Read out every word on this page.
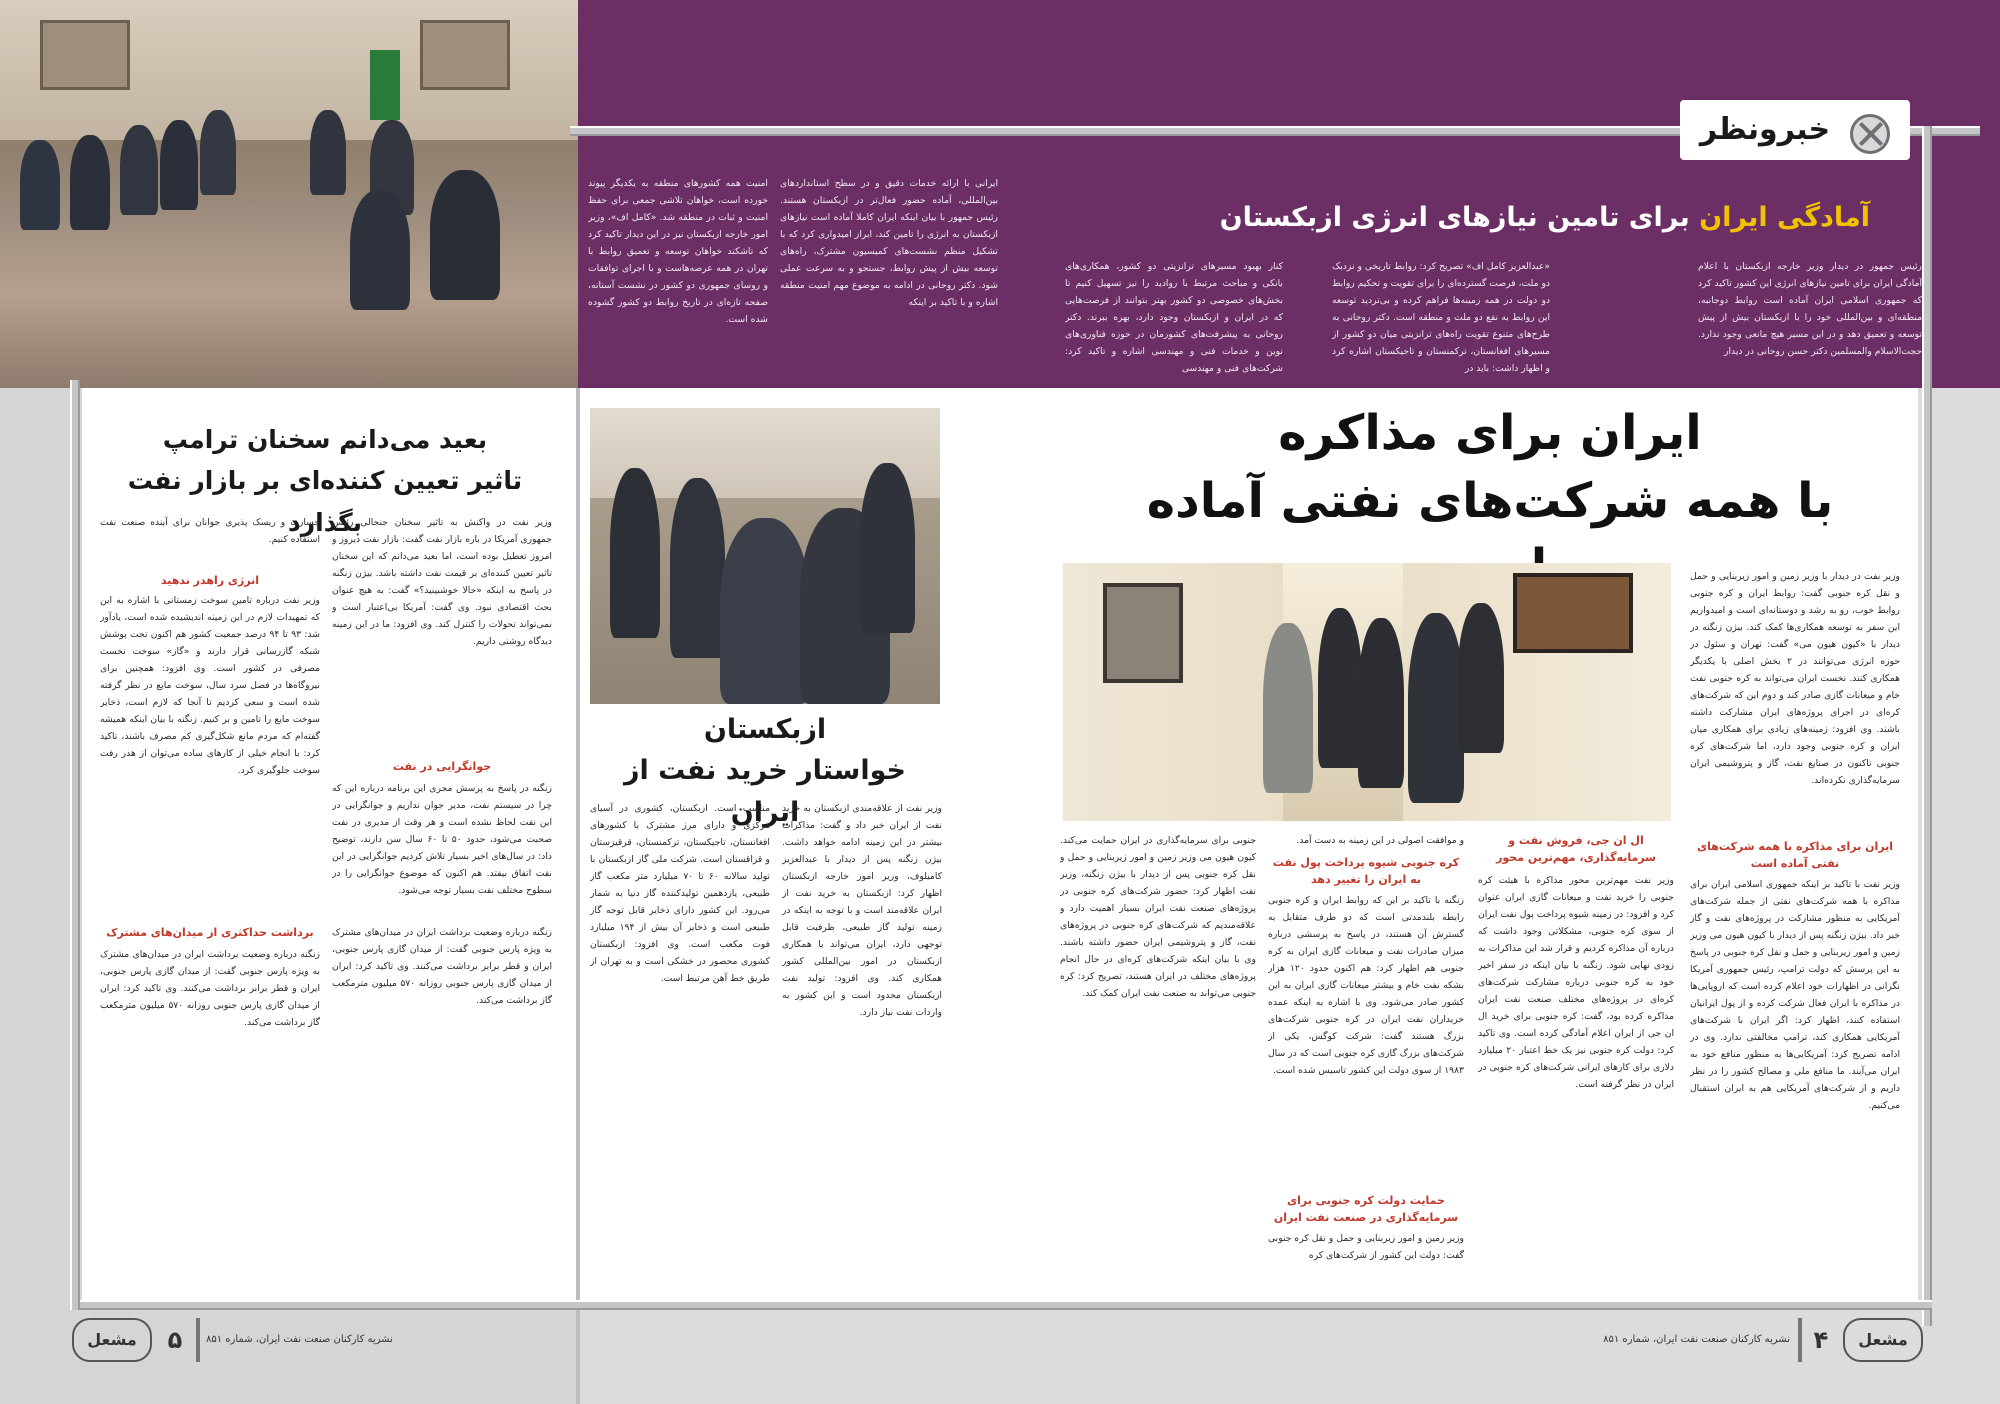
خبرونظر
آمادگی ایران برای تامین نیازهای انرژی ازبکستان
رئیس جمهور در دیدار وزیر خارجه ازبکستان با اعلام آمادگی ایران برای تامین نیازهای انرژی این کشور تاکید کرد که جمهوری اسلامی ایران آماده است روابط دوجانبه، منطقه‌ای و بین‌المللی خود را با ازبکستان بیش از پیش توسعه و تعمیق دهد و در این مسیر هیچ مانعی وجود ندارد. حجت‌الاسلام والمسلمین دکتر حسن روحانی در دیدار
«عبدالعزیز کامل اف» تصریح کرد: روابط تاریخی و نزدیک دو ملت، فرصت گسترده‌ای را برای تقویت و تحکیم روابط دو دولت در همه زمینه‌ها فراهم کرده و بی‌تردید توسعه این روابط به نفع دو ملت و منطقه است. دکتر روحانی به طرح‌های متنوع تقویت راه‌های ترانزیتی میان دو کشور از مسیرهای افغانستان، ترکمنستان و تاجیکستان اشاره کرد و اظهار داشت: باید در
کنار بهبود مسیرهای ترانزیتی دو کشور، همکاری‌های بانکی و مباحث مرتبط با روادید را نیز تسهیل کنیم تا بخش‌های خصوصی دو کشور بهتر بتوانند از فرصت‌هایی که در ایران و ازبکستان وجود دارد، بهره ببرند. دکتر روحانی به پیشرفت‌های کشورمان در حوزه فناوری‌های نوین و خدمات فنی و مهندسی اشاره و تاکید کرد: شرکت‌های فنی و مهندسی
ایرانی با ارائه خدمات دقیق و در سطح استانداردهای بین‌المللی، آماده حضور فعال‌تر در ازبکستان هستند. رئیس جمهور با بیان اینکه ایران کاملا آماده است نیازهای ازبکستان به انرژی را تامین کند، ابراز امیدواری کرد که با تشکیل منظم نشست‌های کمیسیون مشترک، راه‌های توسعه بیش از پیش روابط، جستجو و به سرعت عملی شود. دکتر روحانی در ادامه به موضوع مهم امنیت منطقه اشاره و با تاکید بر اینکه
امنیت همه کشورهای منطقه به یکدیگر پیوند خورده است، خواهان تلاشی جمعی برای حفظ امنیت و ثبات در منطقه شد. «کامل اف»، وزیر امور خارجه ازبکستان نیز در این دیدار تاکید کرد که تاشکند خواهان توسعه و تعمیق روابط با تهران در همه عرصه‌هاست و با اجرای توافقات و روسای جمهوری دو کشور در نشست آستانه، صفحه تازه‌ای در تاریخ روابط دو کشور گشوده شده است.
ایران برای مذاکره
با همه شرکت‌های نفتی آماده
وزیر نفت در دیدار با وزیر زمین و امور زیربنایی و حمل و نقل کره جنوبی گفت: روابط ایران و کره جنوبی روابط خوب، رو به رشد و دوستانه‌ای است و امیدواریم این سفر به توسعه همکاری‌ها کمک کند. بیژن زنگنه در دیدار با «کیون هیون می» گفت: تهران و سئول در حوزه انرژی می‌توانند در ۲ بخش اصلی با یکدیگر همکاری کنند. نخست ایران می‌تواند به کره جنوبی نفت خام و میعانات گازی صادر کند و دوم این که شرکت‌های کره‌ای در اجرای پروژه‌های ایران مشارکت داشته باشند. وی افزود: زمینه‌های زیادی برای همکاری میان ایران و کره جنوبی وجود دارد، اما شرکت‌های کره جنوبی تاکنون در صنایع نفت، گاز و پتروشیمی ایران سرمایه‌گذاری نکرده‌اند.
ایران برای مذاکره با همه شرکت‌های نفتی آماده است
وزیر نفت با تاکید بر اینکه جمهوری اسلامی ایران برای مذاکره با همه شرکت‌های نفتی از جمله شرکت‌های آمریکایی به منظور مشارکت در پروژه‌های نفت و گاز خبر داد. بیژن زنگنه پس از دیدار با کیون هیون می وزیر زمین و امور زیربنایی و حمل و نقل کره جنوبی در پاسخ به این پرسش که دولت ترامپ، رئیس جمهوری آمریکا نگرانی در اظهارات خود اعلام کرده است که اروپایی‌ها در مذاکره با ایران فعال شرکت کرده و از پول ایرانیان استفاده کنند، اظهار کرد: اگر ایران با شرکت‌های آمریکایی همکاری کند، ترامپ مخالفتی ندارد. وی در ادامه تصریح کرد: آمریکایی‌ها به منظور منافع خود به ایران می‌آیند. ما منافع ملی و مصالح کشور را در نظر داریم و از شرکت‌های آمریکایی هم به ایران استقبال می‌کنیم.
ال ان جی، فروش نفت و سرمایه‌گذاری، مهم‌ترین محور
وزیر نفت مهم‌ترین محور مذاکره با هیئت کره جنوبی را خرید نفت و میعانات گازی ایران عنوان کرد و افزود: در زمینه شیوه پرداخت پول نفت ایران از سوی کره جنوبی، مشکلاتی وجود داشت که درباره آن مذاکره کردیم و قرار شد این مذاکرات به زودی نهایی شود. زنگنه با بیان اینکه در سفر اخیر خود به کره جنوبی درباره مشارکت شرکت‌های کره‌ای در پروژه‌های مختلف صنعت نفت ایران مذاکره کرده بود، گفت: کره جنوبی برای خرید ال ان جی از ایران اعلام آمادگی کرده است. وی تاکید کرد: دولت کره جنوبی نیز یک خط اعتبار ۲۰ میلیارد دلاری برای کارهای ایرانی شرکت‌های کره جنوبی در ایران در نظر گرفته است.
و موافقت اصولی در این زمینه به دست آمد.
کره جنوبی شیوه پرداخت پول نفت به ایران را تغییر دهد
زنگنه با تاکید بر این که روابط ایران و کره جنوبی رابطه بلندمدتی است که دو طرف متقابل به گسترش آن هستند، در پاسخ به پرسشی درباره میزان صادرات نفت و میعانات گازی ایران به کره جنوبی هم اظهار کرد: هم اکنون حدود ۱۲۰ هزار بشکه نفت خام و بیشتر میعانات گازی ایران به این کشور صادر می‌شود. وی با اشاره به اینکه عمده خریداران نفت ایران در کره جنوبی شرکت‌های بزرگ هستند گفت: شرکت کوگس، یکی از شرکت‌های بزرگ گازی کره جنوبی است که در سال ۱۹۸۳ از سوی دولت این کشور تاسیس شده است.
حمایت دولت کره جنوبی برای سرمایه‌گذاری در صنعت نفت ایران
وزیر زمین و امور زیربنایی و حمل و نقل کره جنوبی گفت: دولت این کشور از شرکت‌های کره
جنوبی برای سرمایه‌گذاری در ایران حمایت می‌کند. کیون هیون می وزیر زمین و امور زیربنایی و حمل و نقل کره جنوبی پس از دیدار با بیژن زنگنه، وزیر نفت اظهار کرد: حضور شرکت‌های کره جنوبی در پروژه‌های صنعت نفت ایران بسیار اهمیت دارد و علاقه‌مندیم که شرکت‌های کره جنوبی در پروژه‌های نفت، گاز و پتروشیمی ایران حضور داشته باشند. وی با بیان اینکه شرکت‌های کره‌ای در حال انجام پروژه‌های مختلف در ایران هستند، تصریح کرد: کره جنوبی می‌تواند به صنعت نفت ایران کمک کند.
ازبکستان
خواستار خرید نفت از ایران
وزیر نفت از علاقه‌مندی ازبکستان به خرید نفت از ایران خبر داد و گفت: مذاکرات بیشتر در این زمینه ادامه خواهد داشت. بیژن زنگنه پس از دیدار با عبدالعزیز کامیلوف، وزیر امور خارجه ازبکستان اظهار کرد: ازبکستان به خرید نفت از ایران علاقه‌مند است و با توجه به اینکه در زمینه تولید گاز طبیعی، ظرفیت قابل توجهی دارد، ایران می‌تواند با همکاری ازبکستان در امور بین‌المللی کشور همکاری کند. وی افزود: تولید نفت ازبکستان محدود است و این کشور به واردات نفت نیاز دارد.
مناسب است. ازبکستان، کشوری در آسیای مرکزی و دارای مرز مشترک با کشورهای افغانستان، تاجیکستان، ترکمنستان، قرقیزستان و قزاقستان است. شرکت ملی گاز ازبکستان با تولید سالانه ۶۰ تا ۷۰ میلیارد متر مکعب گاز طبیعی، یازدهمین تولیدکننده گاز دنیا به شمار می‌رود. این کشور دارای ذخایر قابل توجه گاز طبیعی است و ذخایر آن بیش از ۱۹۴ میلیارد فوت مکعب است. وی افزود: ازبکستان کشوری محصور در خشکی است و به تهران از طریق خط آهن مرتبط است.
بعید می‌دانم سخنان ترامپ
تاثیر تعیین کننده‌ای بر بازار نفت بگذارد
وزیر نفت در واکنش به تاثیر سخنان جنجالی رئیس جمهوری آمریکا در باره بازار نفت گفت: بازار نفت دیروز و امروز تعطیل بوده است، اما بعید می‌دانم که این سخنان تاثیر تعیین کننده‌ای بر قیمت نفت داشته باشد. بیژن زنگنه در پاسخ به اینکه «حالا خوشبینید؟» گفت: به هیچ عنوان بحث اقتصادی نبود. وی گفت: آمریکا بی‌اعتبار است و نمی‌تواند تحولات را کنترل کند. وی افزود: ما در این زمینه دیدگاه روشنی داریم.
جوانگرایی در نفت
زنگنه در پاسخ به پرسش مجری این برنامه درباره این که چرا در سیستم نفت، مدیر جوان نداریم و جوانگرایی در این نفت لحاظ نشده است و هر وقت از مدیری در نفت صحبت می‌شود، حدود ۵۰ تا ۶۰ سال سن دارند، توضیح داد: در سال‌های اخیر بسیار تلاش کردیم جوانگرایی در این نفت اتفاق بیفتد. هم اکنون که موضوع جوانگرایی را در سطوح مختلف نفت بسیار توجه می‌شود.
برداشت حداکثری از میدان‌های مشترک	زنگنه درباره وضعیت برداشت ایران در میدان‌های مشترک به ویژه پارس جنوبی گفت: از میدان گازی پارس جنوبی، ایران و قطر برابر برداشت می‌کنند. وی تاکید کرد: ایران از میدان گازی پارس جنوبی روزانه ۵۷۰ میلیون مترمکعب گاز برداشت می‌کند.
جسارت و ریسک پذیری جوانان برای آینده صنعت نفت استفاده کنیم.
انرژی راهدر ندهید
وزیر نفت درباره تامین سوخت زمستانی با اشاره به این که تمهیدات لازم در این زمینه اندیشیده شده است، یادآور شد: ۹۳ تا ۹۴ درصد جمعیت کشور هم اکنون تحت پوشش شبکه گازرسانی قرار دارند و «گاز» سوخت نخست مصرفی در کشور است. وی افزود: همچنین برای نیروگاه‌ها در فصل سرد سال، سوخت مایع در نظر گرفته شده است و سعی کردیم تا آنجا که لازم است، ذخایر سوخت مایع را تامین و بر کنیم. زنگنه با بیان اینکه همیشه گفته‌ام که مردم مانع شکل‌گیری کم مصرف باشند، تاکید کرد: با انجام خیلی از کارهای ساده می‌توان از هدر رفت سوخت جلوگیری کرد.
زنگنه درباره وضعیت برداشت ایران در میدان‌های مشترک به ویژه پارس جنوبی گفت: از میدان گازی پارس جنوبی، ایران و قطر برابر برداشت می‌کنند. وی تاکید کرد: ایران از میدان گازی پارس جنوبی روزانه ۵۷۰ میلیون مترمکعب گاز برداشت می‌کند.
مشعل	۵	نشریه کارکنان صنعت نفت ایران، شماره ۸۵۱	مشعل
۴
نشریه کارکنان صنعت نفت ایران، شماره ۸۵۱
